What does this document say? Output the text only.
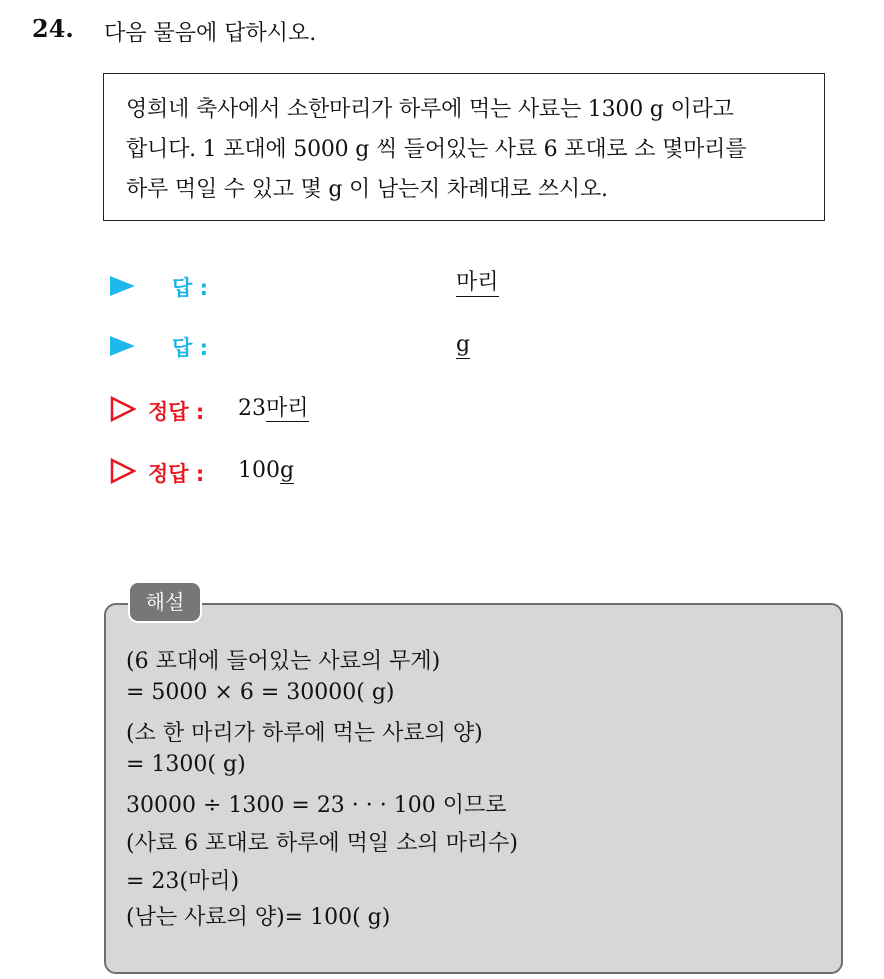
24. 다음 물음에 답하시오.
영희네 축사에서 소한마리가 하루에 먹는 사료는 1300 g 이라고
합니다. 1 포대에 5000 g 씩 들어있는 사료 6 포대로 소 몇마리를
하루 먹일 수 있고 몇 g 이 남는지 차례대로 쓰시오.
답 :	마리
답 :	g
정답 : 23마리
정답 : 100g
해설
(6 포대에 들어있는 사료의 무게)
= 5000 × 6 = 30000( g)
(소 한 마리가 하루에 먹는 사료의 양)
= 1300( g)
30000 ÷ 1300 = 23 · · · 100 이므로
(사료 6 포대로 하루에 먹일 소의 마리수)
= 23(마리)
(남는 사료의 양)= 100( g)
